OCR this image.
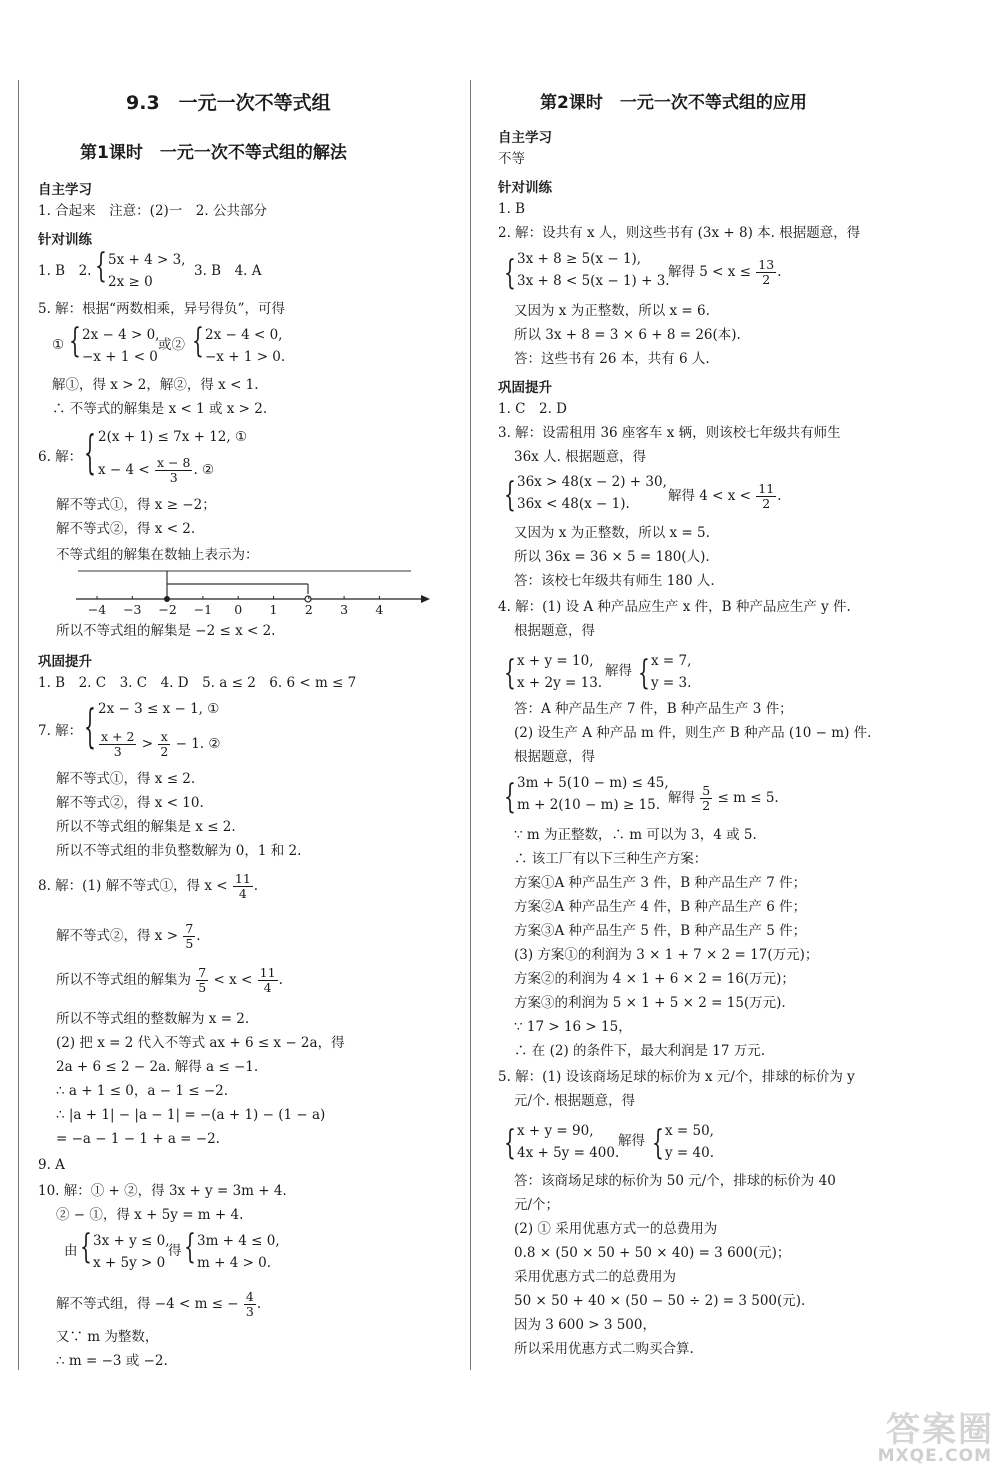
9.3　一元一次不等式组
第1课时　一元一次不等式组的解法
自主学习
1. 合起来　注意：(2)一　2. 公共部分
针对训练
1. B　2. { 5x + 4 > 3,
2x ≥ 0
3. B　4. A
5. 解：根据“两数相乘，异号得负”，可得
① { 2x − 4 > 0,
−x + 1 < 0
或② { 2x − 4 < 0,
−x + 1 > 0.
解①，得 x > 2，解②，得 x < 1.
∴ 不等式的解集是 x < 1 或 x > 2.
6. 解： { 2(x + 1) ≤ 7x + 12, ①
$x - 4 < \frac{x - 8}{3}$ . ②
解不等式①，得 x ≥ −2；
解不等式②，得 x < 2.
不等式组的解集在数轴上表示为：
所以不等式组的解集是 −2 ≤ x < 2.
巩固提升
1. B　2. C　3. C　4. D　5. a ≤ 2　6. 6 < m ≤ 7
7. 解： { 2x − 3 ≤ x − 1, ①
$\frac{x + 2}{3} > \frac{x}{2} - 1$. ②
解不等式①，得 x ≤ 2.
解不等式②，得 x < 10.
所以不等式组的解集是 x ≤ 2.
所以不等式组的非负整数解为 0，1 和 2.
8. 解：(1) 解不等式①，得 $x < \frac{11}{4}$ .
解不等式②，得 $x > \frac{7}{5}$ .
所以不等式组的解集为 $\frac{7}{5} < x < \frac{11}{4}$ .
所以不等式组的整数解为 x = 2.
(2) 把 x = 2 代入不等式 ax + 6 ≤ x − 2a，得
2a + 6 ≤ 2 − 2a. 解得 a ≤ −1.
∴ a + 1 ≤ 0，a − 1 ≤ −2.
∴ |a + 1| − |a − 1| = −(a + 1) − (1 − a)
= −a − 1 − 1 + a = −2.
9. A
10. 解：① + ②，得 3x + y = 3m + 4.
② − ①，得 x + 5y = m + 4.
由 { 3x + y ≤ 0,
x + 5y > 0
得 { 3m + 4 ≤ 0,
m + 4 > 0.
解不等式组，得 −4 < m ≤ − $\frac{4}{3}$ .
又∵ m 为整数，
∴ m = −3 或 −2.
−4 −3 −2 −1 0 1 2 3 4
第2课时　一元一次不等式组的应用
自主学习
不等
针对训练
1. B
2. 解：设共有 x 人，则这些书有 (3x + 8) 本. 根据题意，得
{ 3x + 8 ≥ 5(x − 1),
3x + 8 < 5(x − 1) + 3.
解得 $5 < x \le \frac{13}{2}$ .
又因为 x 为正整数，所以 x = 6.
所以 3x + 8 = 3 × 6 + 8 = 26(本).
答：这些书有 26 本，共有 6 人.
巩固提升
1. C　2. D
3. 解：设需租用 36 座客车 x 辆，则该校七年级共有师生
36x 人. 根据题意，得
{ 36x > 48(x − 2) + 30,
36x < 48(x − 1).	解得 $4 < x < \frac{11}{2}$ .
又因为 x 为正整数，所以 x = 5.
所以 36x = 36 × 5 = 180(人).
答：该校七年级共有师生 180 人.
4. 解：(1) 设 A 种产品应生产 x 件，B 种产品应生产 y 件.
根据题意，得
{ x + y = 10,
x + 2y = 13.
解得 { x = 7,
y = 3.
答：A 种产品生产 7 件，B 种产品生产 3 件；
(2) 设生产 A 种产品 m 件，则生产 B 种产品 (10 − m) 件.
根据题意，得
{ 3m + 5(10 − m) ≤ 45,
m + 2(10 − m) ≥ 15. 解得 $\frac{5}{2} \le m \le 5$.
∵ m 为正整数，∴ m 可以为 3，4 或 5.
∴ 该工厂有以下三种生产方案：
方案①A 种产品生产 3 件，B 种产品生产 7 件；
方案②A 种产品生产 4 件，B 种产品生产 6 件；
方案③A 种产品生产 5 件，B 种产品生产 5 件；
(3) 方案①的利润为 3 × 1 + 7 × 2 = 17(万元)；
方案②的利润为 4 × 1 + 6 × 2 = 16(万元)；
方案③的利润为 5 × 1 + 5 × 2 = 15(万元).
∵ 17 > 16 > 15，
∴ 在 (2) 的条件下，最大利润是 17 万元.
5. 解：(1) 设该商场足球的标价为 x 元/个，排球的标价为 y
元/个. 根据题意，得
{ x + y = 90,
4x + 5y = 400.
解得 { x = 50,
y = 40.
答：该商场足球的标价为 50 元/个，排球的标价为 40
元/个；
(2) ① 采用优惠方式一的总费用为
0.8 × (50 × 50 + 50 × 40) = 3 600(元)；
采用优惠方式二的总费用为
50 × 50 + 40 × (50 − 50 ÷ 2) = 3 500(元).
因为 3 600 > 3 500，
所以采用优惠方式二购买合算.
答案圈
MXQE.COM
